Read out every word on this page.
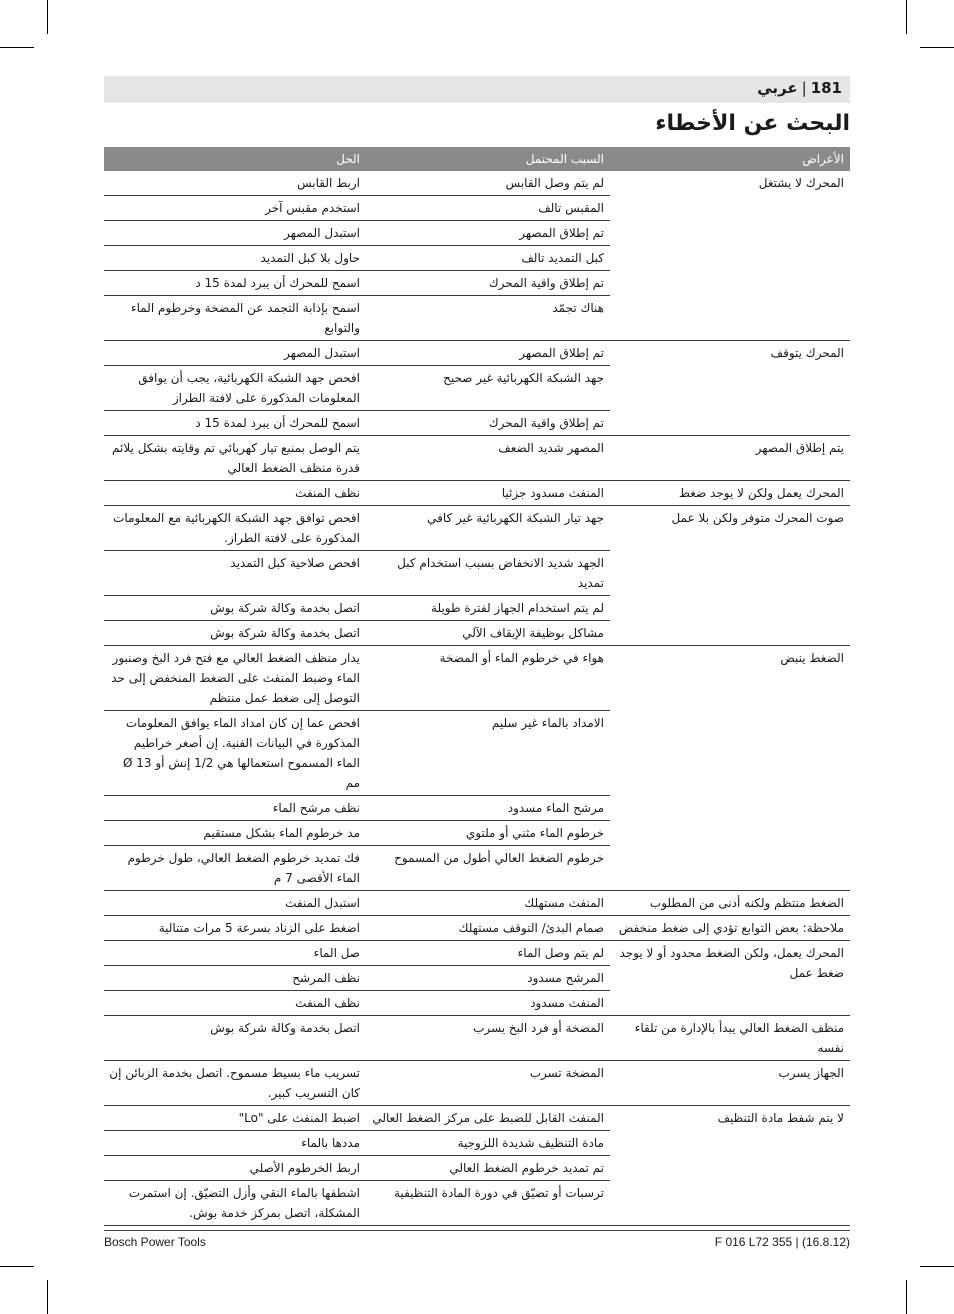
181|عربي
البحث عن الأخطاء
الأعراض	السبب المحتمل	الحل
المحرك لا يشتغل	لم يتم وصل القابس	اربط القابس
	المقبس تالف	استخدم مقبس آخر
	تم إطلاق المصهر	استبدل المصهر
	كبل التمديد تالف	حاول بلا كبل التمديد
	تم إطلاق واقية المحرك	اسمح للمحرك أن يبرد لمدة 15 د
	هناك تجمّد	اسمح بإذابة التجمد عن المضخة وخرطوم الماء والتوابع
المحرك يتوقف	تم إطلاق المصهر	استبدل المصهر
	جهد الشبكة الكهربائية غير صحيح	افحص جهد الشبكة الكهربائية، يجب أن يوافق المعلومات المذكورة على لافتة الطراز
	تم إطلاق واقية المحرك	اسمح للمحرك أن يبرد لمدة 15 د
يتم إطلاق المصهر	المصهر شديد الضعف	يتم الوصل بمنبع تيار كهربائي تم وقايته بشكل يلائم قدرة منظف الضغط العالي
المحرك يعمل ولكن لا يوجد ضغط	المنفث مسدود جزئيا	نظف المنفث
صوت المحرك متوفر ولكن بلا عمل	جهد تيار الشبكة الكهربائية غير كافي	افحص توافق جهد الشبكة الكهربائية مع المعلومات المذكورة على لافتة الطراز.
	الجهد شديد الانخفاض بسبب استخدام كبل تمديد	افحص صلاحية كبل التمديد
	لم يتم استخدام الجهاز لفترة طويلة	اتصل بخدمة وكالة شركة بوش
	مشاكل بوظيفة الإيقاف الآلي	اتصل بخدمة وكالة شركة بوش
الضغط ينبض	هواء في خرطوم الماء أو المضخة	يدار منظف الضغط العالي مع فتح فرد البخ وصنبور الماء وضبط المنفث على الضغط المنخفض إلى حد التوصل إلى ضغط عمل منتظم
	الامداد بالماء غير سليم	افحص عما إن كان امداد الماء يوافق المعلومات المذكورة في البيانات الفنية. إن أصغر خراطيم الماء المسموح استعمالها هي 1/2 إنش أو Ø 13 مم
	مرشح الماء مسدود	نظف مرشح الماء
	خرطوم الماء مثني أو ملتوي	مد خرطوم الماء بشكل مستقيم
	خرطوم الضغط العالي أطول من المسموح	فك تمديد خرطوم الضغط العالي، طول خرطوم الماء الأقصى 7 م
الضغط منتظم ولكنه أدنى من المطلوب	المنفث مستهلك	استبدل المنفث
ملاحظة: بعض التوابع تؤدي إلى ضغط منخفض	صمام البدئ/ التوقف مستهلك	اضغط على الزناد بسرعة 5 مرات متتالية
المحرك يعمل، ولكن الضغط محدود أو لا يوجد ضغط عمل	لم يتم وصل الماء	صل الماء
	المرشح مسدود	نظف المرشح
	المنفث مسدود	نظف المنفث
منظف الضغط العالي يبدأ بالإدارة من تلقاء نفسه	المضخة أو فرد البخ يسرب	اتصل بخدمة وكالة شركة بوش
الجهاز يسرب	المضخة تسرب	تسريب ماء بسيط مسموح. اتصل بخدمة الزبائن إن كان التسريب كبير.
لا يتم شفط مادة التنظيف	المنفث القابل للضبط على مركز الضغط العالي	اضبط المنفث على "Lo"
	مادة التنظيف شديدة اللزوجية	مددها بالماء
	تم تمديد خرطوم الضغط العالي	اربط الخرطوم الأصلي
	ترسبات أو تضيّق في دورة المادة التنظيفية	اشطفها بالماء النقي وأزل التضيّق. إن استمرت المشكلة، اتصل بمركز خدمة بوش.
Bosch Power Tools	F 016 L72 355 | (16.8.12)
